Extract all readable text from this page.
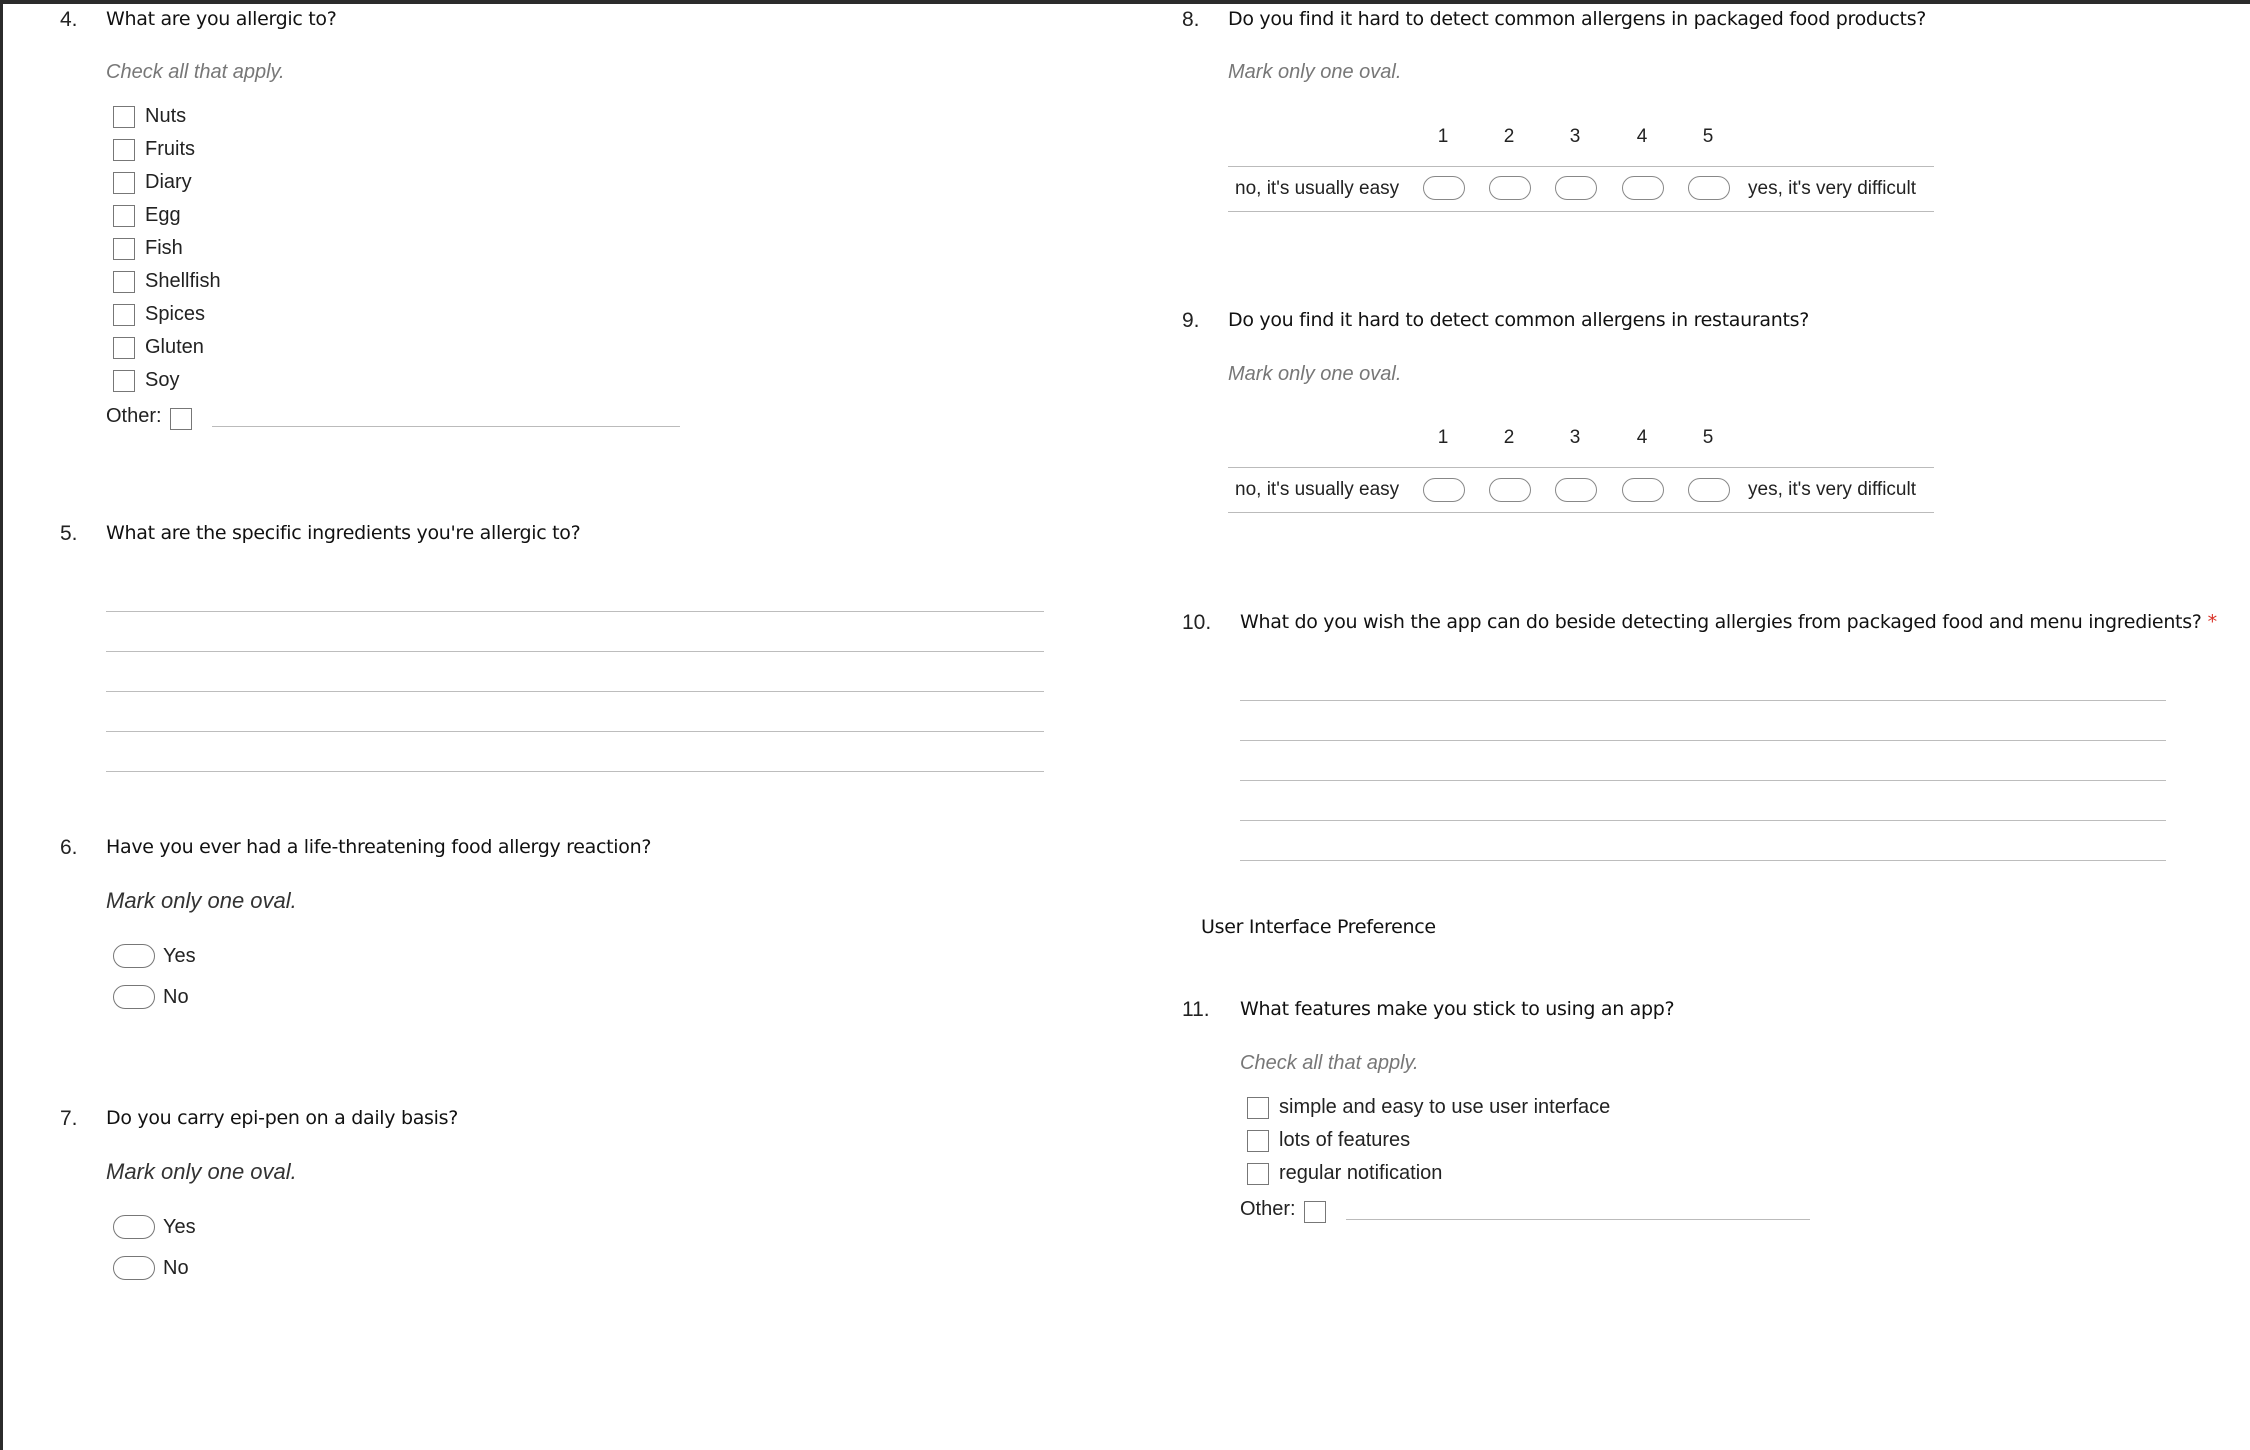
4. What are you allergic to?
Check all that apply.
Nuts
Fruits
Diary
Egg
Fish
Shellfish
Spices
Gluten
Soy
Other:
5. What are the specific ingredients you're allergic to?
6. Have you ever had a life-threatening food allergy reaction?
Mark only one oval.
Yes
No
7. Do you carry epi-pen on a daily basis?
Mark only one oval.
Yes
No
8. Do you find it hard to detect common allergens in packaged food products?
Mark only one oval.
1	2	3	4	5
no, it's usually easy	yes, it's very difficult
9. Do you find it hard to detect common allergens in restaurants?
Mark only one oval.
1	2	3	4	5
no, it's usually easy	yes, it's very difficult
10. What do you wish the app can do beside detecting allergies from packaged food and menu ingredients? *
User Interface Preference
11. What features make you stick to using an app?
Check all that apply.
simple and easy to use user interface
lots of features
regular notification
Other:
